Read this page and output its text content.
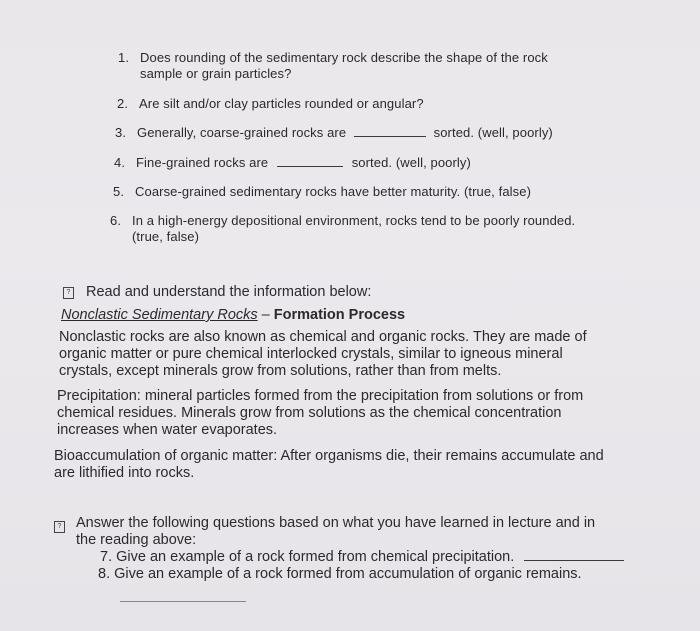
1. Does rounding of the sedimentary rock describe the shape of the rock
sample or grain particles?
2. Are silt and/or clay particles rounded or angular?
3. Generally, coarse-grained rocks are	sorted. (well, poorly)
4. Fine-grained rocks are	sorted. (well, poorly)
5. Coarse-grained sedimentary rocks have better maturity. (true, false)
6. In a high-energy depositional environment, rocks tend to be poorly rounded.
(true, false)
? Read and understand the information below:
Nonclastic Sedimentary Rocks – Formation Process
Nonclastic rocks are also known as chemical and organic rocks. They are made of
organic matter or pure chemical interlocked crystals, similar to igneous mineral
crystals, except minerals grow from solutions, rather than from melts.
Precipitation: mineral particles formed from the precipitation from solutions or from
chemical residues. Minerals grow from solutions as the chemical concentration
increases when water evaporates.
Bioaccumulation of organic matter: After organisms die, their remains accumulate and
are lithified into rocks.
? Answer the following questions based on what you have learned in lecture and in
the reading above:
7. Give an example of a rock formed from chemical precipitation.
8. Give an example of a rock formed from accumulation of organic remains.
